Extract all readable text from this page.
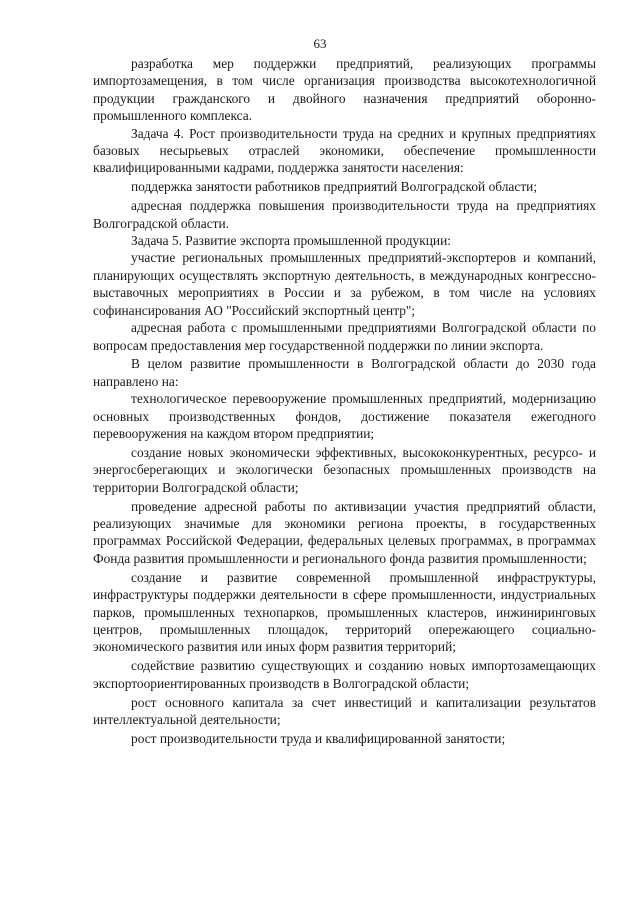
63

разработка мер поддержки предприятий, реализующих программы импортозамещения, в том числе организация производства высокотехнологичной продукции гражданского и двойного назначения предприятий оборонно-промышленного комплекса.

Задача 4. Рост производительности труда на средних и крупных предприятиях базовых несырьевых отраслей экономики, обеспечение промышленности квалифицированными кадрами, поддержка занятости населения:

поддержка занятости работников предприятий Волгоградской области;

адресная поддержка повышения производительности труда на предприятиях Волгоградской области.

Задача 5. Развитие экспорта промышленной продукции:

участие региональных промышленных предприятий-экспортеров и компаний, планирующих осуществлять экспортную деятельность, в международных конгрессно-выставочных мероприятиях в России и за рубежом, в том числе на условиях софинансирования АО "Российский экспортный центр";

адресная работа с промышленными предприятиями Волгоградской области по вопросам предоставления мер государственной поддержки по линии экспорта.

В целом развитие промышленности в Волгоградской области до 2030 года направлено на:

технологическое перевооружение промышленных предприятий, модернизацию основных производственных фондов, достижение показателя ежегодного перевооружения на каждом втором предприятии;

создание новых экономически эффективных, высококонкурентных, ресурсо- и энергосберегающих и экологически безопасных промышленных производств на территории Волгоградской области;

проведение адресной работы по активизации участия предприятий области, реализующих значимые для экономики региона проекты, в государственных программах Российской Федерации, федеральных целевых программах, в программах Фонда развития промышленности и регионального фонда развития промышленности;

создание и развитие современной промышленной инфраструктуры, инфраструктуры поддержки деятельности в сфере промышленности, индустриальных парков, промышленных технопарков, промышленных кластеров, инжиниринговых центров, промышленных площадок, территорий опережающего социально-экономического развития или иных форм развития территорий;

содействие развитию существующих и созданию новых импортозамещающих экспортоориентированных производств в Волгоградской области;

рост основного капитала за счет инвестиций и капитализации результатов интеллектуальной деятельности;

рост производительности труда и квалифицированной занятости;
